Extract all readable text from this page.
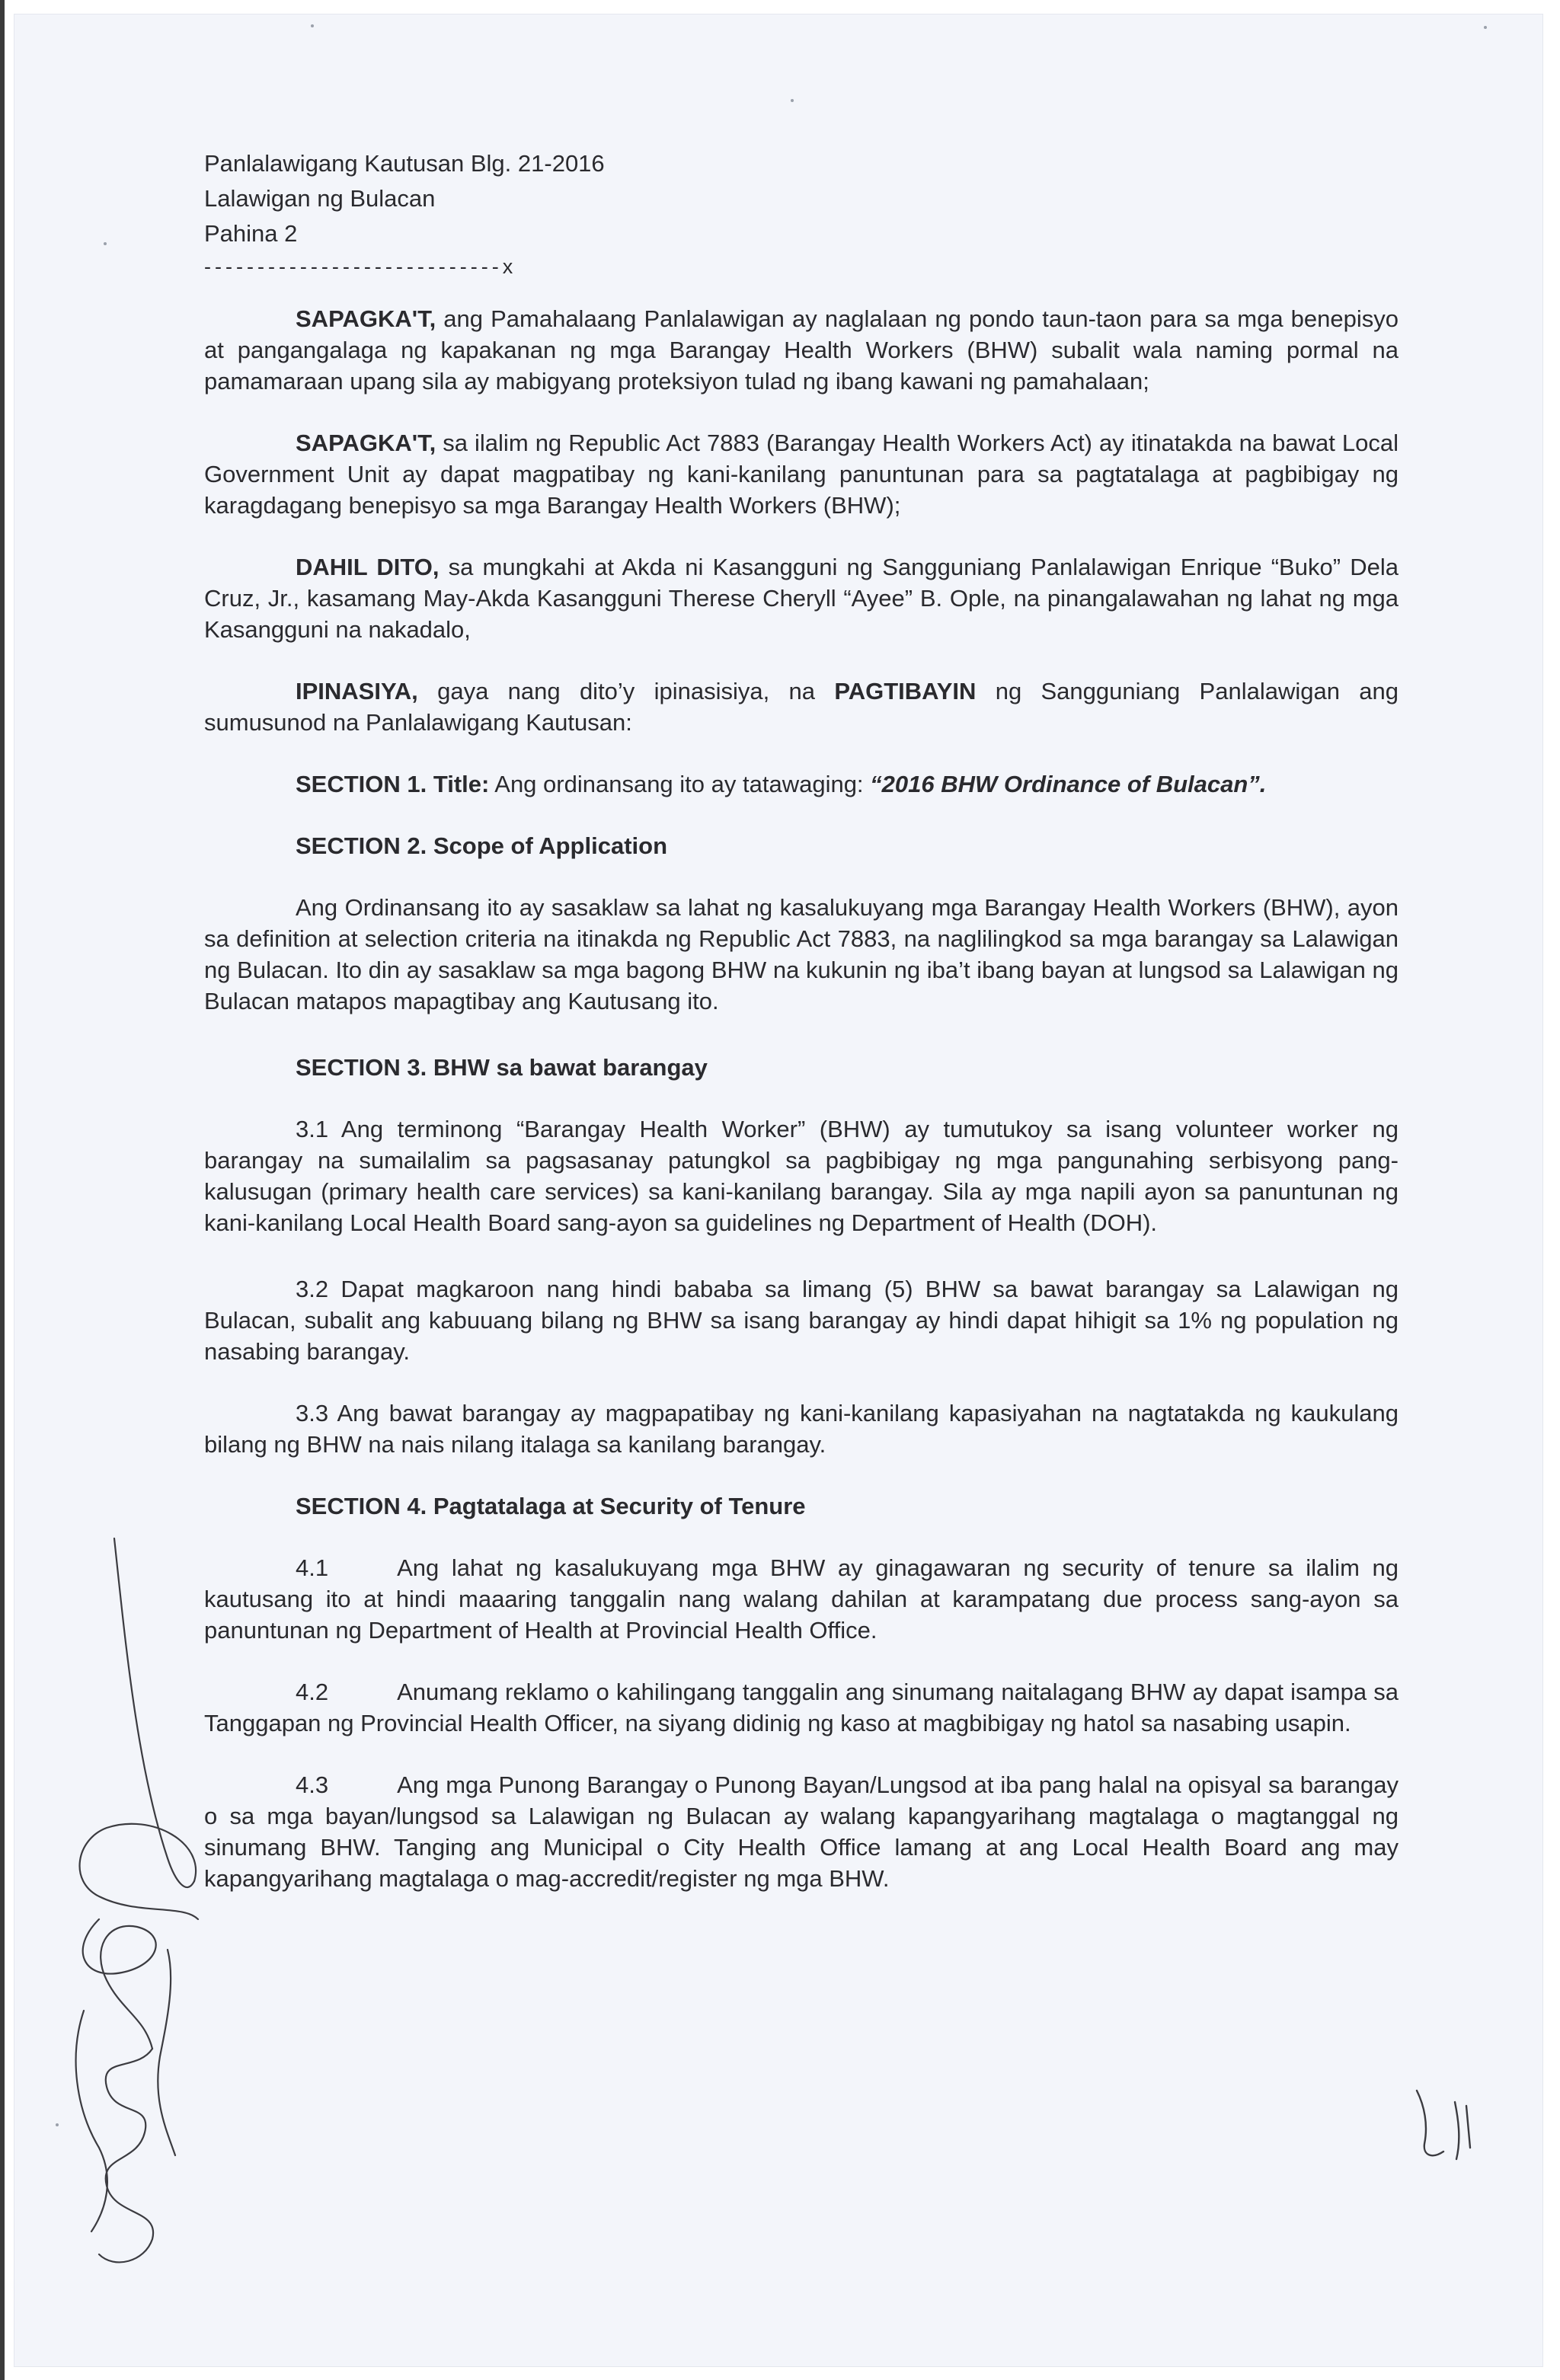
Panlalawigang Kautusan Blg. 21-2016
Lalawigan ng Bulacan
Pahina 2
----------------------------x

SAPAGKA'T, ang Pamahalaang Panlalawigan ay naglalaan ng pondo taun-taon para sa mga benepisyo at pangangalaga ng kapakanan ng mga Barangay Health Workers (BHW) subalit wala naming pormal na pamamaraan upang sila ay mabigyang proteksiyon tulad ng ibang kawani ng pamahalaan;

SAPAGKA'T, sa ilalim ng Republic Act 7883 (Barangay Health Workers Act) ay itinatakda na bawat Local Government Unit ay dapat magpatibay ng kani-kanilang panuntunan para sa pagtatalaga at pagbibigay ng karagdagang benepisyo sa mga Barangay Health Workers (BHW);

DAHIL DITO, sa mungkahi at Akda ni Kasangguni ng Sangguniang Panlalawigan Enrique “Buko” Dela Cruz, Jr., kasamang May-Akda Kasangguni Therese Cheryll “Ayee” B. Ople, na pinangalawahan ng lahat ng mga Kasangguni na nakadalo,

IPINASIYA, gaya nang dito’y ipinasisiya, na PAGTIBAYIN ng Sangguniang Panlalawigan ang sumusunod na Panlalawigang Kautusan:

SECTION 1. Title: Ang ordinansang ito ay tatawaging: “2016 BHW Ordinance of Bulacan”.

SECTION 2. Scope of Application

Ang Ordinansang ito ay sasaklaw sa lahat ng kasalukuyang mga Barangay Health Workers (BHW), ayon sa definition at selection criteria na itinakda ng Republic Act 7883, na naglilingkod sa mga barangay sa Lalawigan ng Bulacan. Ito din ay sasaklaw sa mga bagong BHW na kukunin ng iba’t ibang bayan at lungsod sa Lalawigan ng Bulacan matapos mapagtibay ang Kautusang ito.

SECTION 3. BHW sa bawat barangay

3.1 Ang terminong “Barangay Health Worker” (BHW) ay tumutukoy sa isang volunteer worker ng barangay na sumailalim sa pagsasanay patungkol sa pagbibigay ng mga pangunahing serbisyong pang-kalusugan (primary health care services) sa kani-kanilang barangay. Sila ay mga napili ayon sa panuntunan ng kani-kanilang Local Health Board sang-ayon sa guidelines ng Department of Health (DOH).

3.2 Dapat magkaroon nang hindi bababa sa limang (5) BHW sa bawat barangay sa Lalawigan ng Bulacan, subalit ang kabuuang bilang ng BHW sa isang barangay ay hindi dapat hihigit sa 1% ng population ng nasabing barangay.

3.3 Ang bawat barangay ay magpapatibay ng kani-kanilang kapasiyahan na nagtatakda ng kaukulang bilang ng BHW na nais nilang italaga sa kanilang barangay.

SECTION 4. Pagtatalaga at Security of Tenure

4.1	Ang lahat ng kasalukuyang mga BHW ay ginagawaran ng security of tenure sa ilalim ng kautusang ito at hindi maaaring tanggalin nang walang dahilan at karampatang due process sang-ayon sa panuntunan ng Department of Health at Provincial Health Office.

4.2	Anumang reklamo o kahilingang tanggalin ang sinumang naitalagang BHW ay dapat isampa sa Tanggapan ng Provincial Health Officer, na siyang didinig ng kaso at magbibigay ng hatol sa nasabing usapin.

4.3	Ang mga Punong Barangay o Punong Bayan/Lungsod at iba pang halal na opisyal sa barangay o sa mga bayan/lungsod sa Lalawigan ng Bulacan ay walang kapangyarihang magtalaga o magtanggal ng sinumang BHW. Tanging ang Municipal o City Health Office lamang at ang Local Health Board ang may kapangyarihang magtalaga o mag-accredit/register ng mga BHW.
